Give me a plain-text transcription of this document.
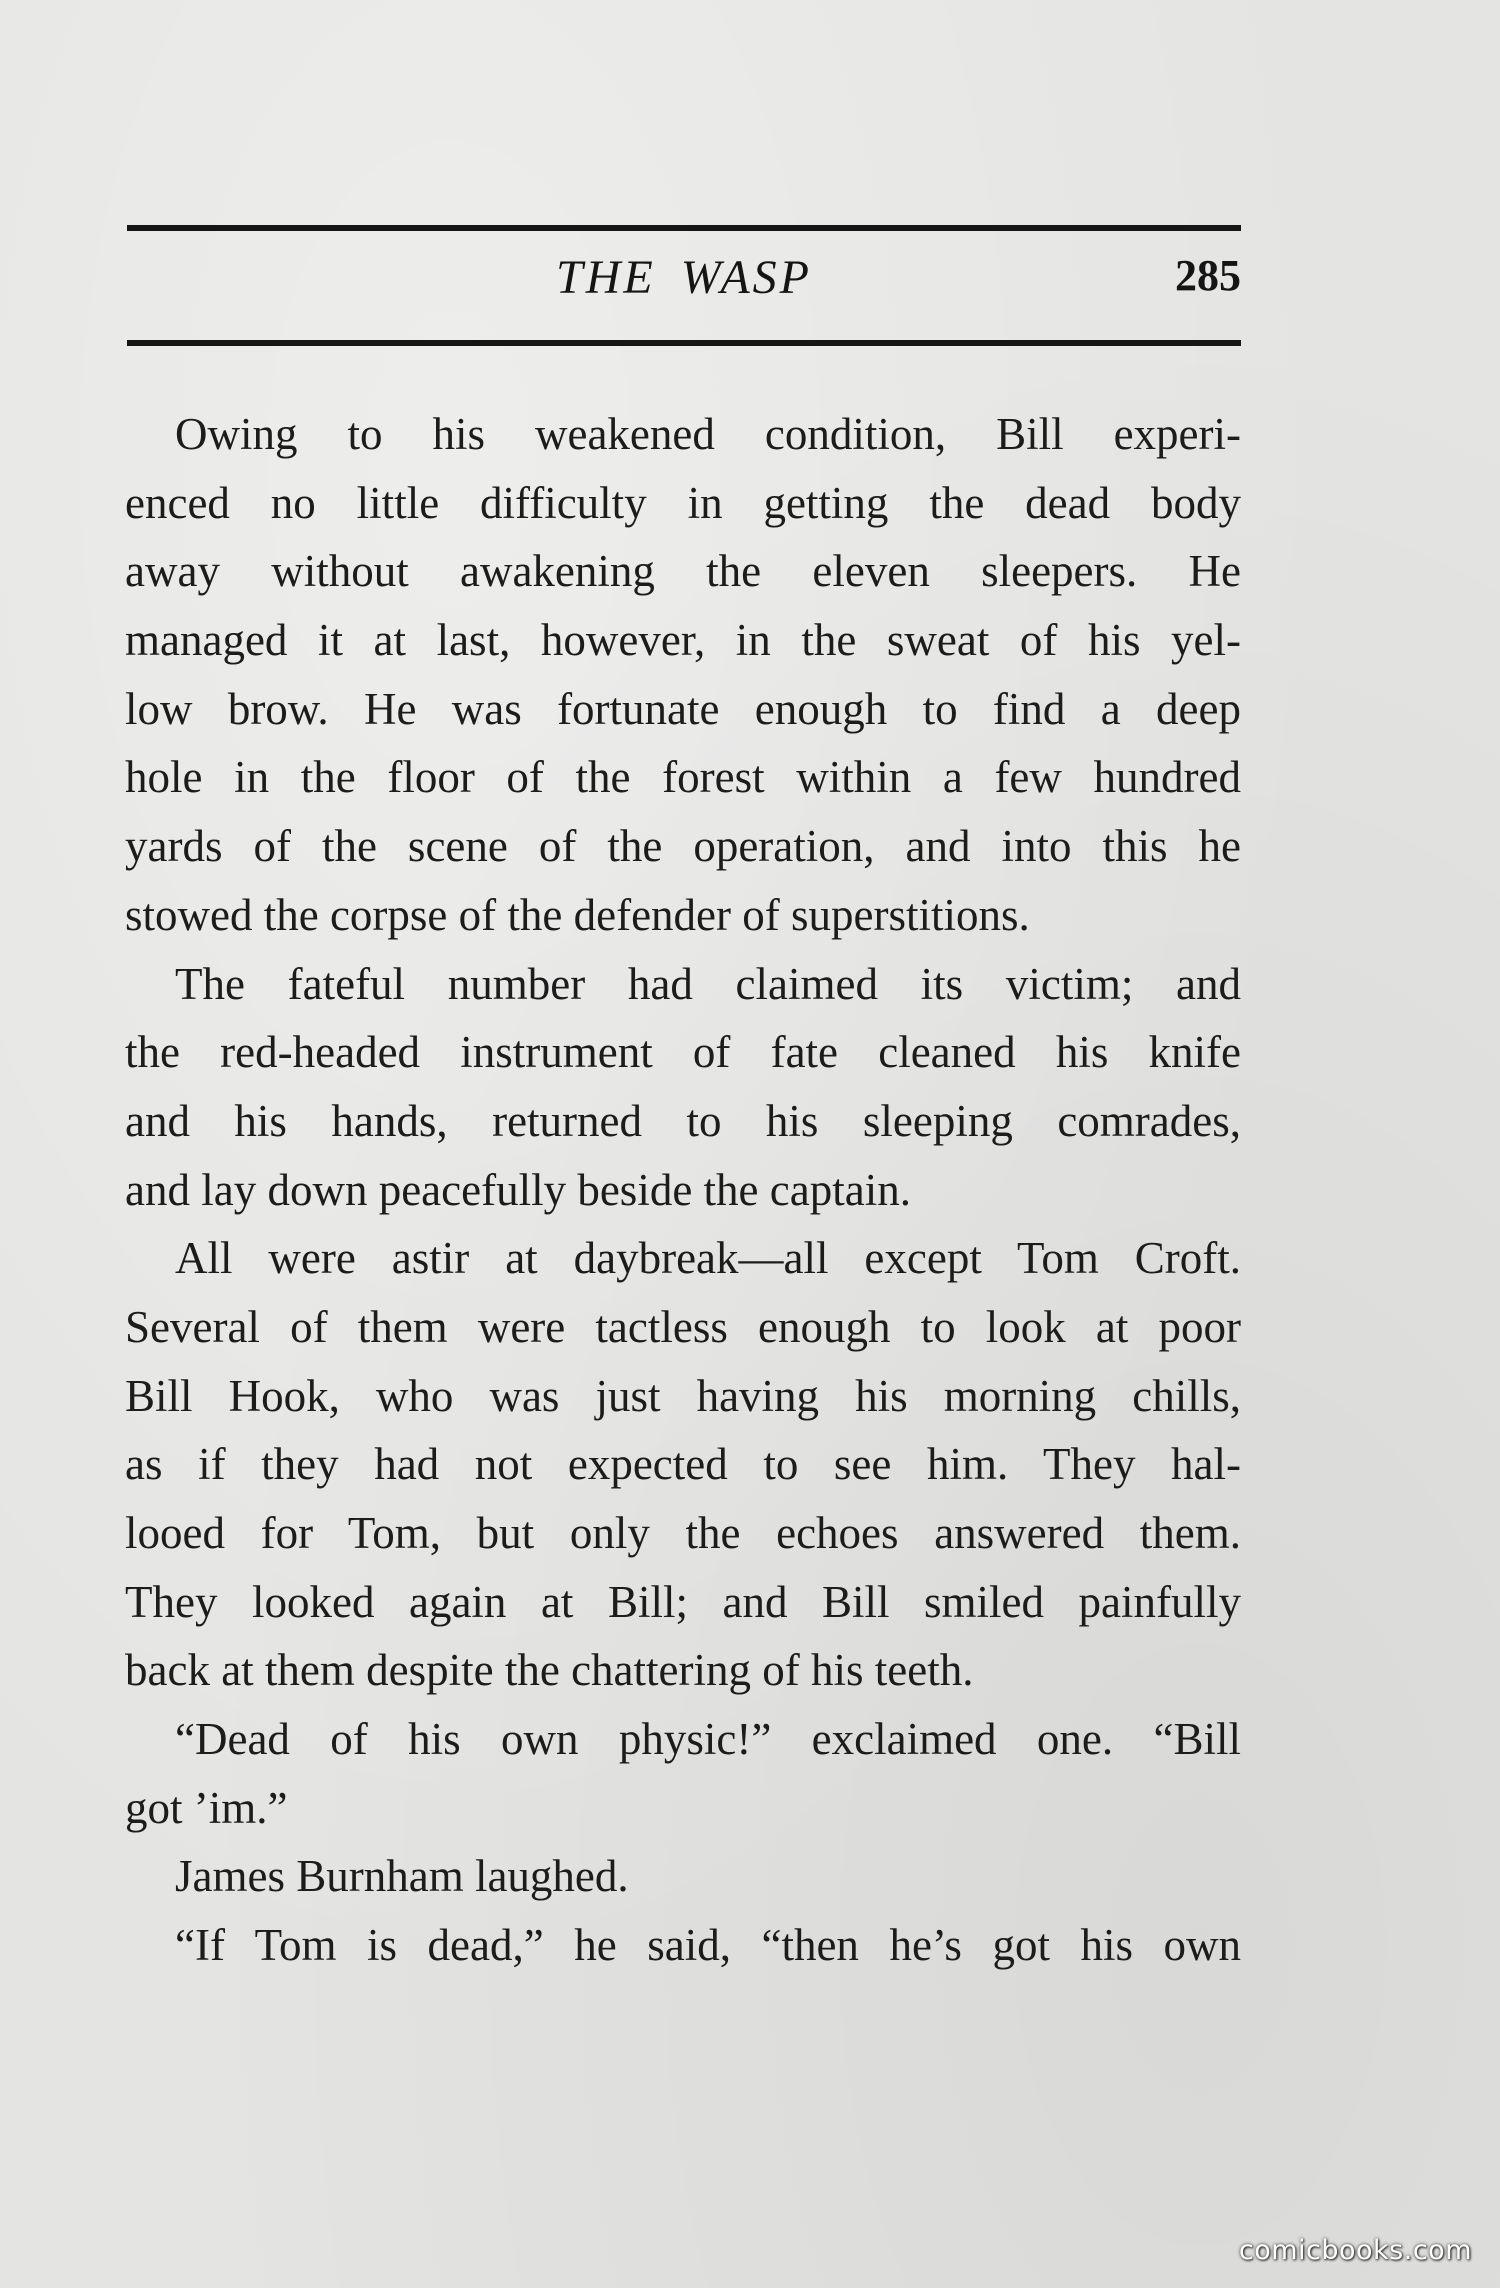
THE WASP	285
Owing to his weakened condition, Bill experi-
enced no little difficulty in getting the dead body
away without awakening the eleven sleepers. He
managed it at last, however, in the sweat of his yel-
low brow. He was fortunate enough to find a deep
hole in the floor of the forest within a few hundred
yards of the scene of the operation, and into this he
stowed the corpse of the defender of superstitions.
The fateful number had claimed its victim; and
the red-headed instrument of fate cleaned his knife
and his hands, returned to his sleeping comrades,
and lay down peacefully beside the captain.
All were astir at daybreak—all except Tom Croft.
Several of them were tactless enough to look at poor
Bill Hook, who was just having his morning chills,
as if they had not expected to see him. They hal-
looed for Tom, but only the echoes answered them.
They looked again at Bill; and Bill smiled painfully
back at them despite the chattering of his teeth.
“Dead of his own physic!” exclaimed one. “Bill
got ’im.”
James Burnham laughed.
“If Tom is dead,” he said, “then he’s got his own
comicbooks.com
